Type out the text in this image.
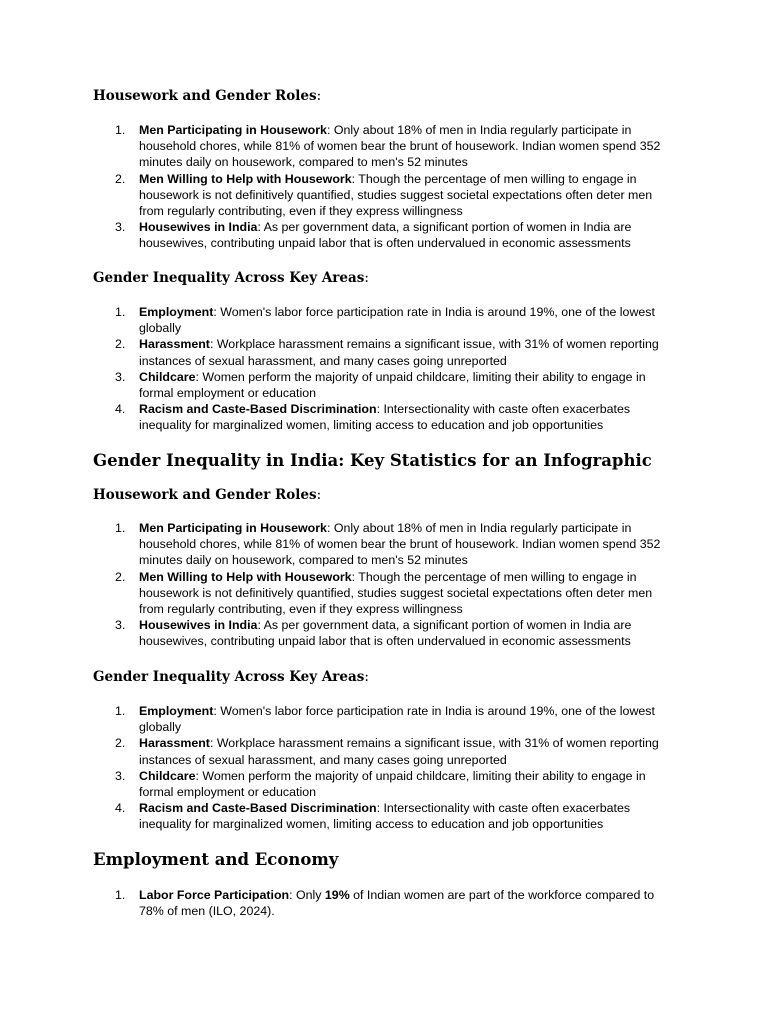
Housework and Gender Roles:
1. Men Participating in Housework: Only about 18% of men in India regularly participate in household chores, while 81% of women bear the brunt of housework. Indian women spend 352 minutes daily on housework, compared to men's 52 minutes
2. Men Willing to Help with Housework: Though the percentage of men willing to engage in housework is not definitively quantified, studies suggest societal expectations often deter men from regularly contributing, even if they express willingness
3. Housewives in India: As per government data, a significant portion of women in India are housewives, contributing unpaid labor that is often undervalued in economic assessments
Gender Inequality Across Key Areas:
1. Employment: Women's labor force participation rate in India is around 19%, one of the lowest globally
2. Harassment: Workplace harassment remains a significant issue, with 31% of women reporting instances of sexual harassment, and many cases going unreported
3. Childcare: Women perform the majority of unpaid childcare, limiting their ability to engage in formal employment or education
4. Racism and Caste-Based Discrimination: Intersectionality with caste often exacerbates inequality for marginalized women, limiting access to education and job opportunities
Gender Inequality in India: Key Statistics for an Infographic
Housework and Gender Roles:
1. Men Participating in Housework: Only about 18% of men in India regularly participate in household chores, while 81% of women bear the brunt of housework. Indian women spend 352 minutes daily on housework, compared to men's 52 minutes
2. Men Willing to Help with Housework: Though the percentage of men willing to engage in housework is not definitively quantified, studies suggest societal expectations often deter men from regularly contributing, even if they express willingness
3. Housewives in India: As per government data, a significant portion of women in India are housewives, contributing unpaid labor that is often undervalued in economic assessments
Gender Inequality Across Key Areas:
1. Employment: Women's labor force participation rate in India is around 19%, one of the lowest globally
2. Harassment: Workplace harassment remains a significant issue, with 31% of women reporting instances of sexual harassment, and many cases going unreported
3. Childcare: Women perform the majority of unpaid childcare, limiting their ability to engage in formal employment or education
4. Racism and Caste-Based Discrimination: Intersectionality with caste often exacerbates inequality for marginalized women, limiting access to education and job opportunities
Employment and Economy
1. Labor Force Participation: Only 19% of Indian women are part of the workforce compared to 78% of men (ILO, 2024).
